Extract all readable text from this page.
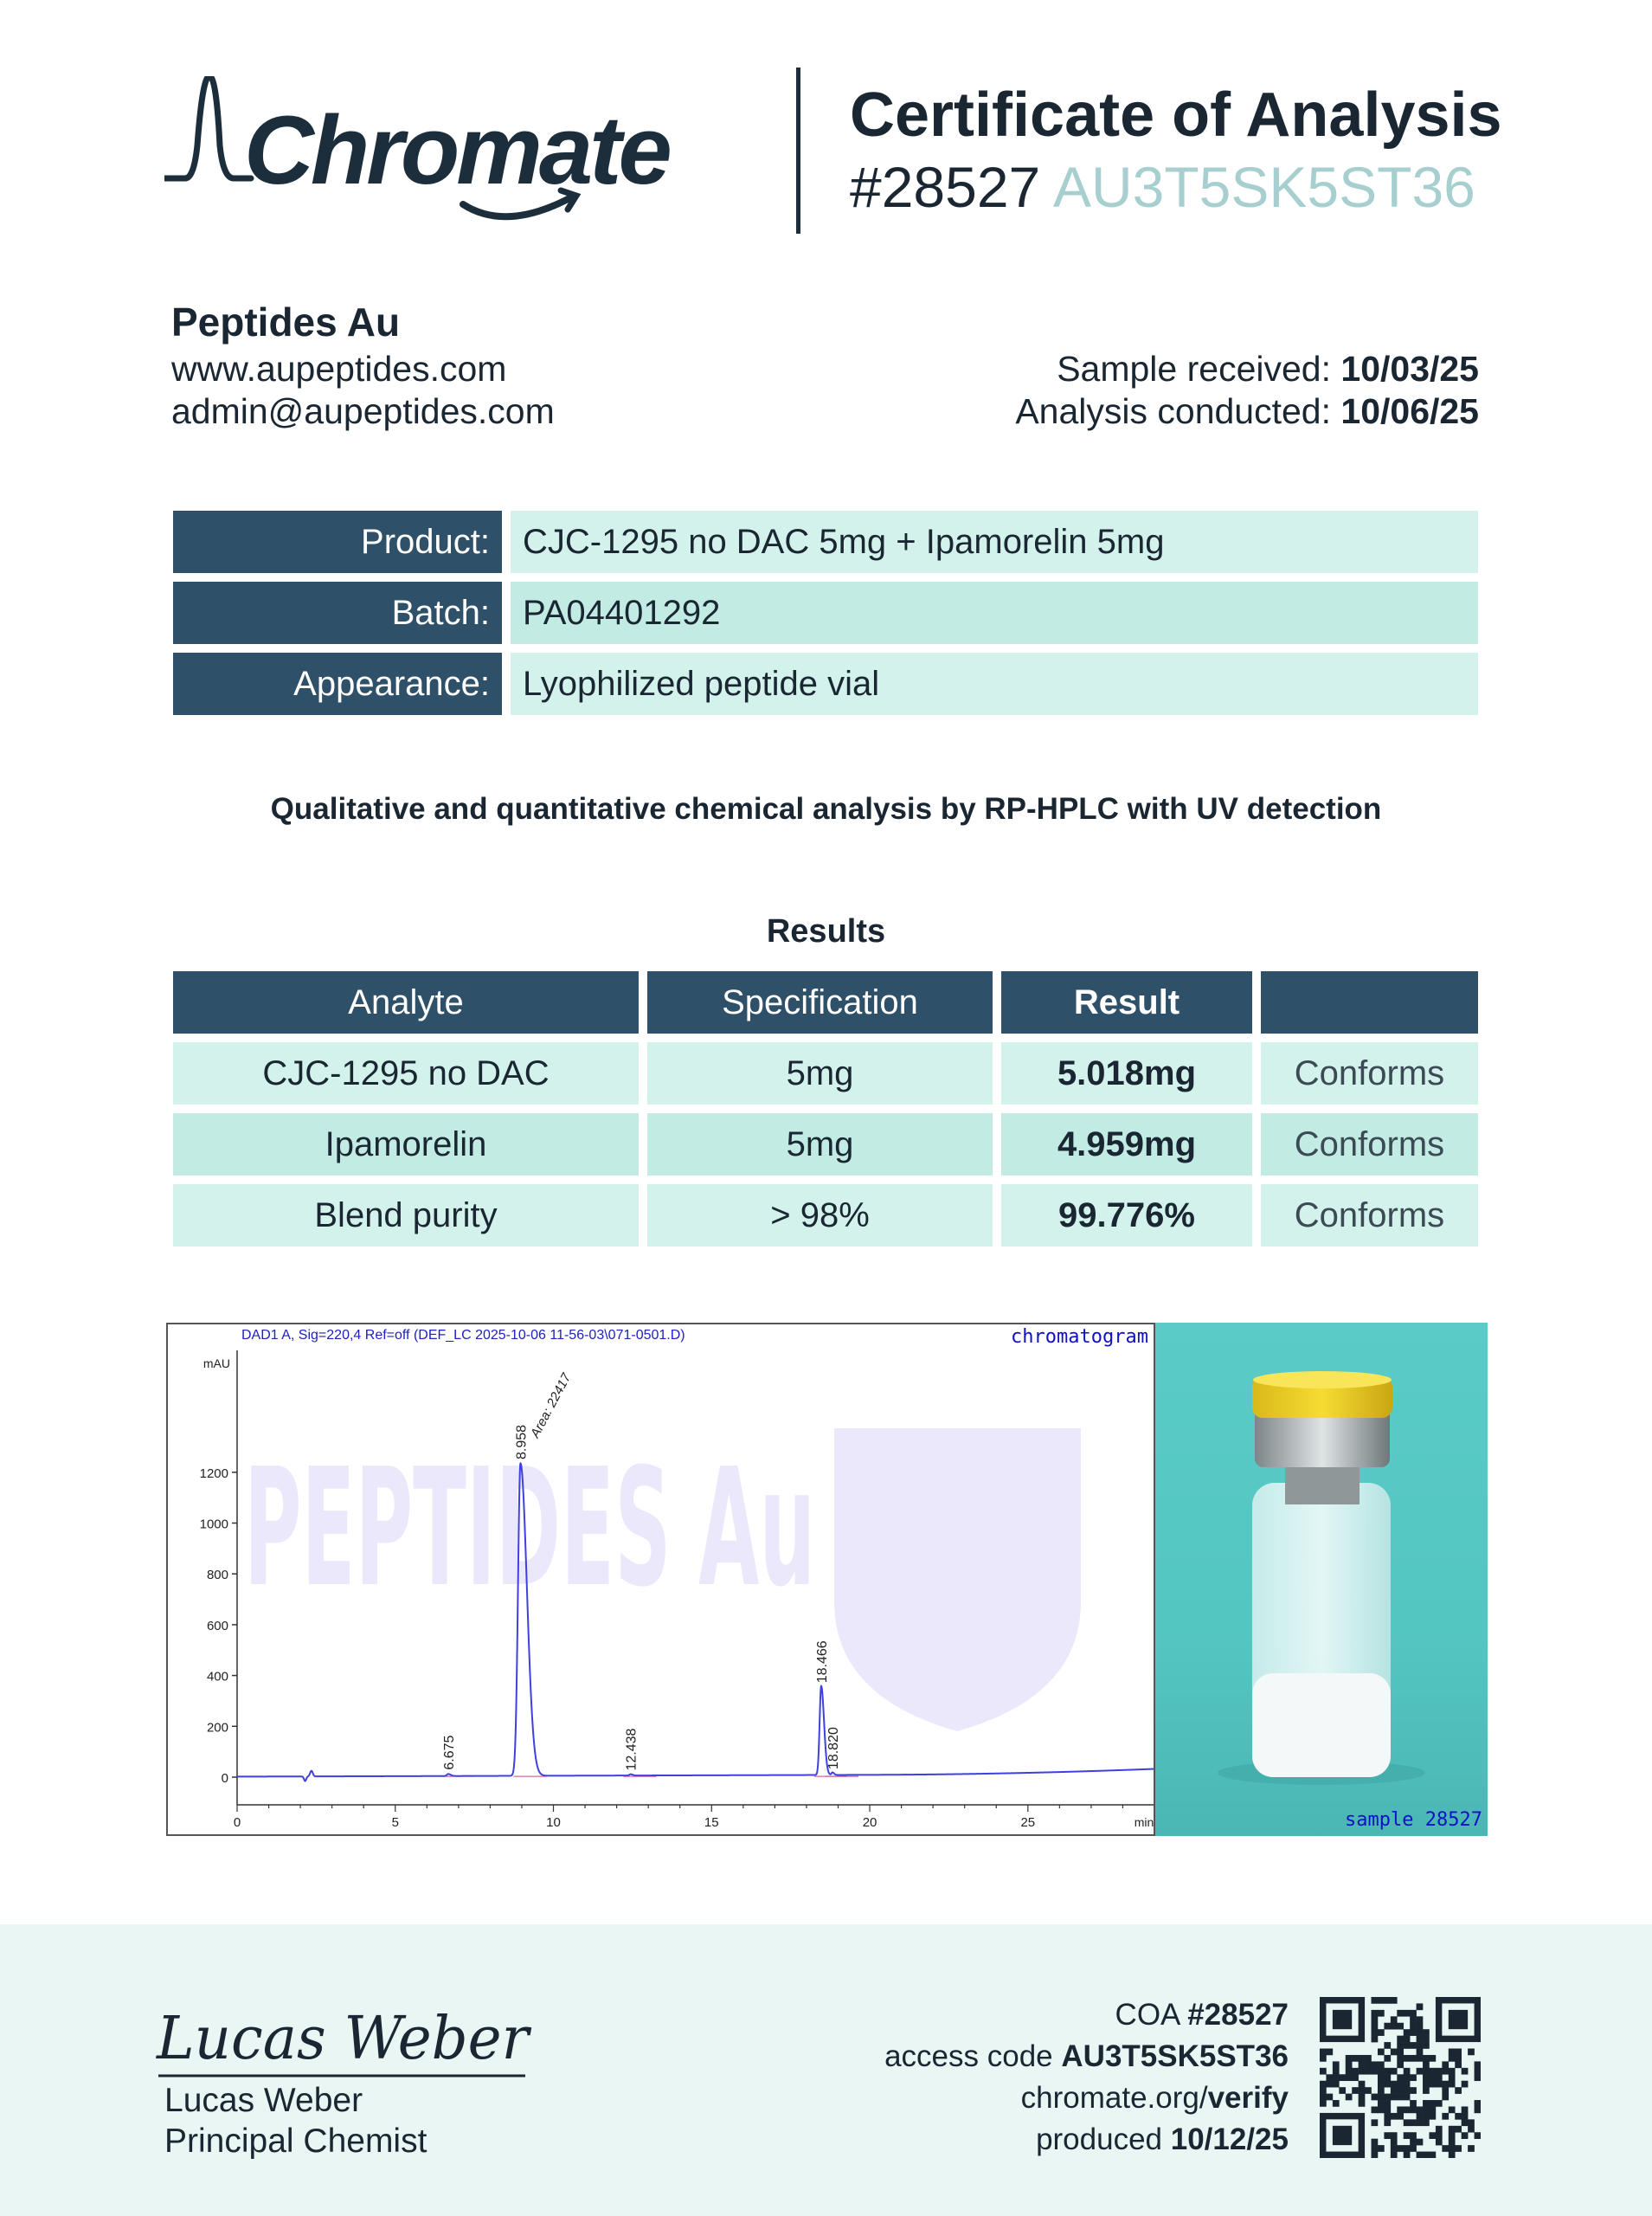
Chromate	Certificate of Analysis
#28527 AU3T5SK5ST36
Peptides Au
www.aupeptides.com
admin@aupeptides.com
Sample received: 10/03/25
Analysis conducted: 10/06/25
Product: CJC-1295 no DAC 5mg + Ipamorelin 5mg
Batch: PA04401292
Appearance: Lyophilized peptide vial
Qualitative and quantitative chemical analysis by RP-HPLC with UV detection
Results
Analyte	Specification	Result
CJC-1295 no DAC	5mg	5.018mg	Conforms
Ipamorelin	5mg	4.959mg	Conforms
Blend purity	> 98%	99.776%	Conforms
PEPTIDES Au
0
200
400
600
800
1000
1200
mAU
0	5	10	15	20	25	min
6.675
8.958
12.438
18.466
18.820
Area: 22417
DAD1 A, Sig=220,4 Ref=off (DEF_LC 2025-10-06 11-56-03\071-0501.D)	chromatogram
sample 28527
Lucas Weber
Lucas Weber
Principal Chemist
COA #28527
access code AU3T5SK5ST36
chromate.org/verify
produced 10/12/25
